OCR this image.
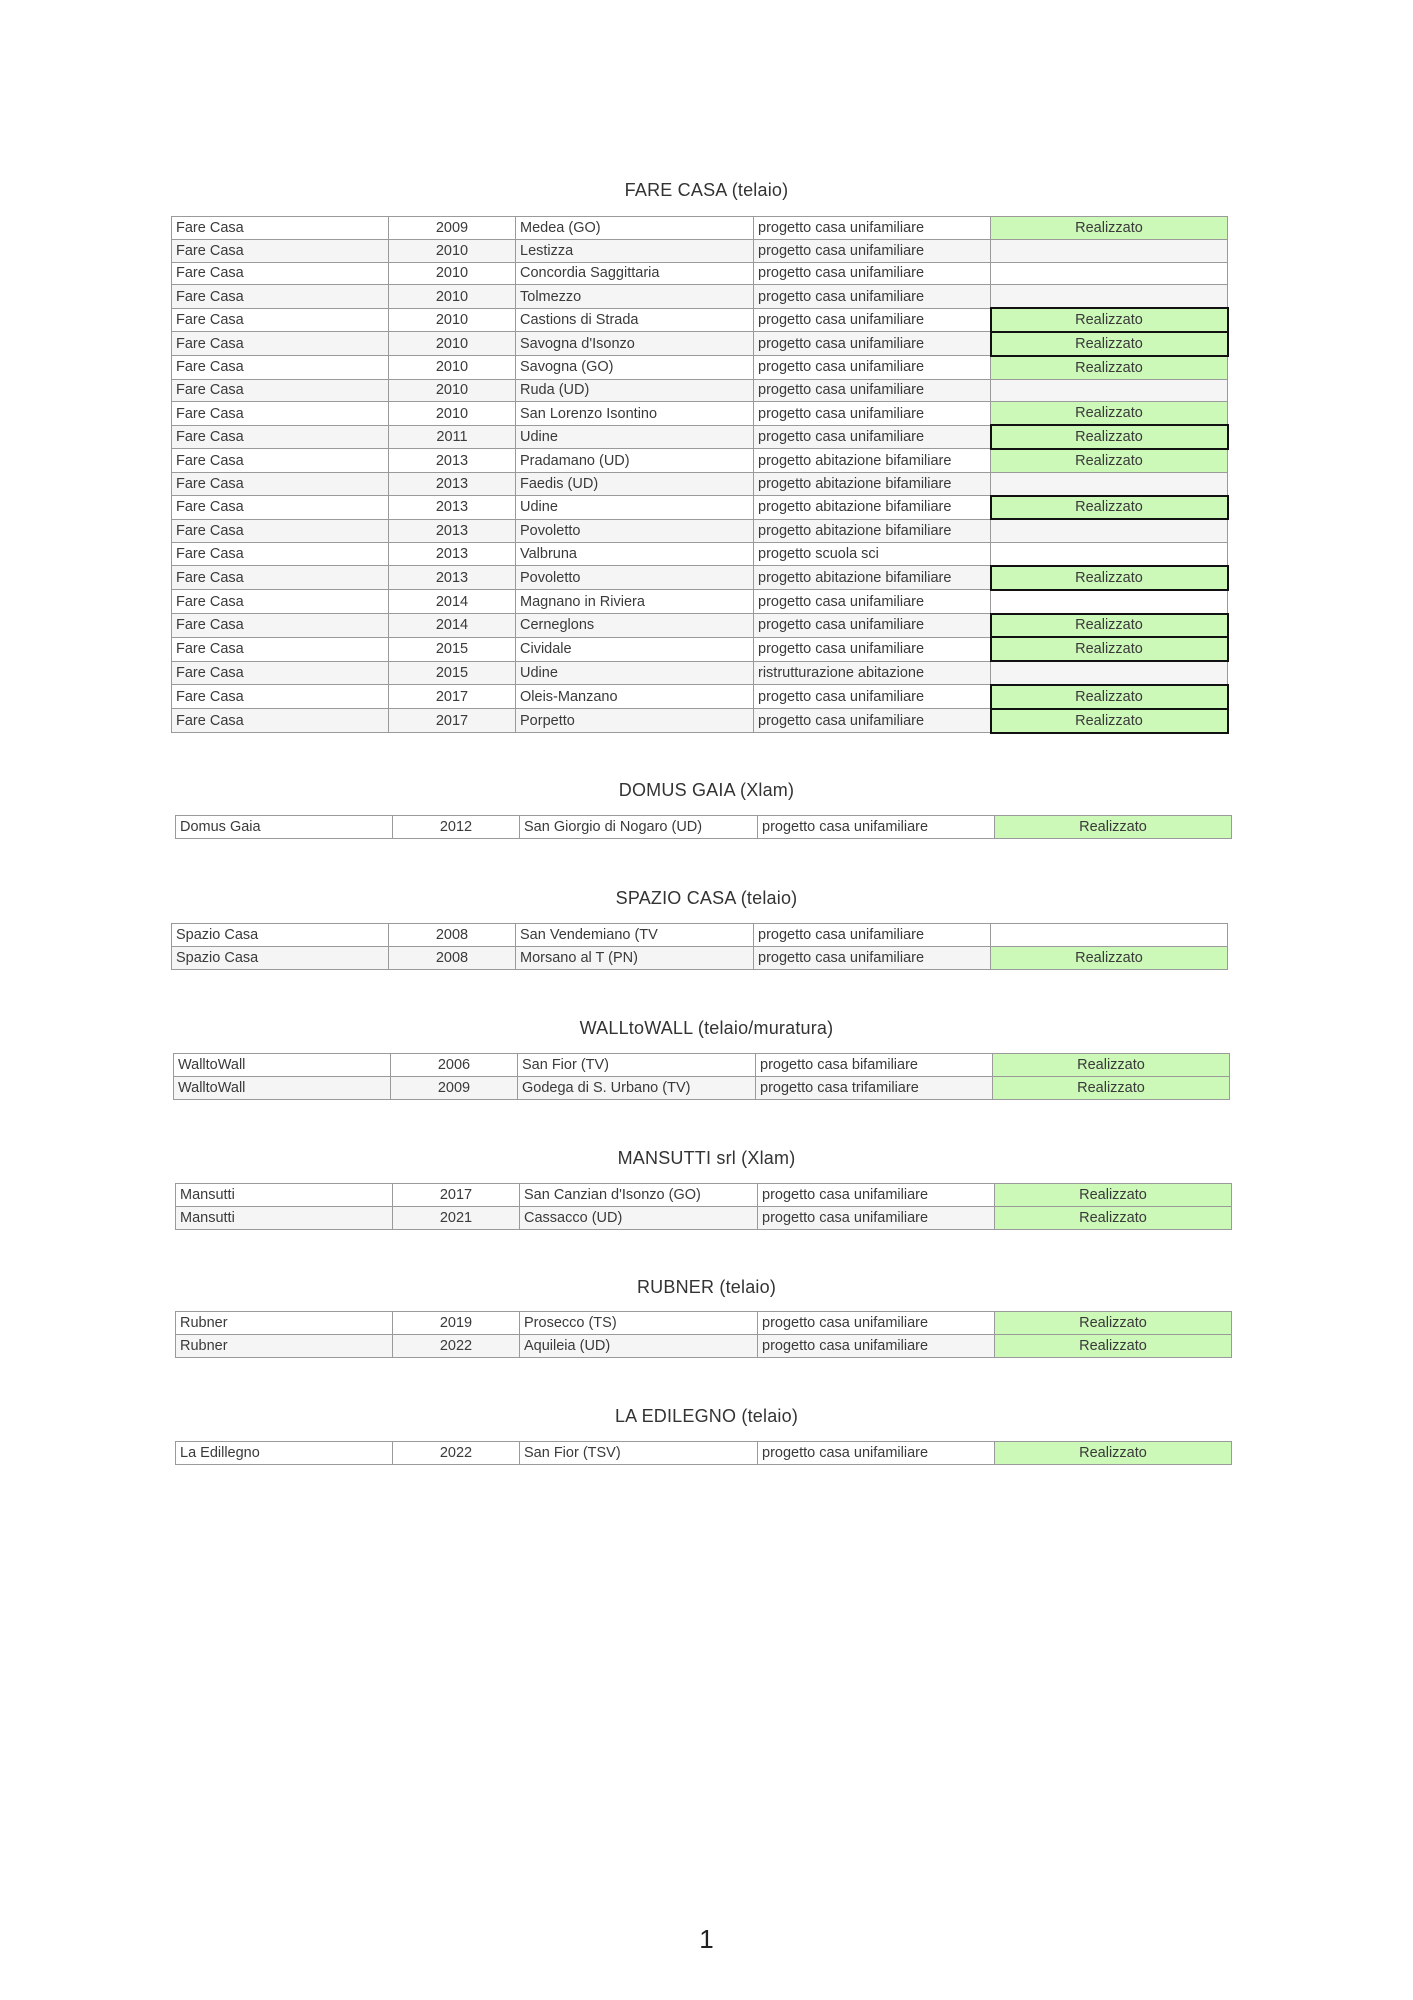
FARE CASA (telaio)
Fare Casa	2009	Medea (GO)	progetto casa unifamiliare	Realizzato
Fare Casa	2010	Lestizza	progetto casa unifamiliare	
Fare Casa	2010	Concordia Saggittaria	progetto casa unifamiliare	
Fare Casa	2010	Tolmezzo	progetto casa unifamiliare	
Fare Casa	2010	Castions di Strada	progetto casa unifamiliare	Realizzato
Fare Casa	2010	Savogna d'Isonzo	progetto casa unifamiliare	Realizzato
Fare Casa	2010	Savogna (GO)	progetto casa unifamiliare	Realizzato
Fare Casa	2010	Ruda (UD)	progetto casa unifamiliare	
Fare Casa	2010	San Lorenzo Isontino	progetto casa unifamiliare	Realizzato
Fare Casa	2011	Udine	progetto casa unifamiliare	Realizzato
Fare Casa	2013	Pradamano (UD)	progetto abitazione bifamiliare	Realizzato
Fare Casa	2013	Faedis (UD)	progetto abitazione bifamiliare	
Fare Casa	2013	Udine	progetto abitazione bifamiliare	Realizzato
Fare Casa	2013	Povoletto	progetto abitazione bifamiliare	
Fare Casa	2013	Valbruna	progetto scuola sci	
Fare Casa	2013	Povoletto	progetto abitazione bifamiliare	Realizzato
Fare Casa	2014	Magnano in Riviera	progetto casa unifamiliare	
Fare Casa	2014	Cerneglons	progetto casa unifamiliare	Realizzato
Fare Casa	2015	Cividale	progetto casa unifamiliare	Realizzato
Fare Casa	2015	Udine	ristrutturazione abitazione	
Fare Casa	2017	Oleis-Manzano	progetto casa unifamiliare	Realizzato
Fare Casa	2017	Porpetto	progetto casa unifamiliare	Realizzato
DOMUS GAIA (Xlam)
Domus Gaia	2012	San Giorgio di Nogaro (UD)	progetto casa unifamiliare	Realizzato
SPAZIO CASA (telaio)
Spazio Casa	2008	San Vendemiano (TV	progetto casa unifamiliare	
Spazio Casa	2008	Morsano al T (PN)	progetto casa unifamiliare	Realizzato
WALLtoWALL (telaio/muratura)
WalltoWall	2006	San Fior (TV)	progetto casa bifamiliare	Realizzato
WalltoWall	2009	Godega di S. Urbano (TV)	progetto casa trifamiliare	Realizzato
MANSUTTI srl (Xlam)
Mansutti	2017	San Canzian d'Isonzo (GO)	progetto casa unifamiliare	Realizzato
Mansutti	2021	Cassacco (UD)	progetto casa unifamiliare	Realizzato
RUBNER (telaio)
Rubner	2019	Prosecco (TS)	progetto casa unifamiliare	Realizzato
Rubner	2022	Aquileia (UD)	progetto casa unifamiliare	Realizzato
LA EDILEGNO (telaio)
La Edillegno	2022	San Fior (TSV)	progetto casa unifamiliare	Realizzato
1
